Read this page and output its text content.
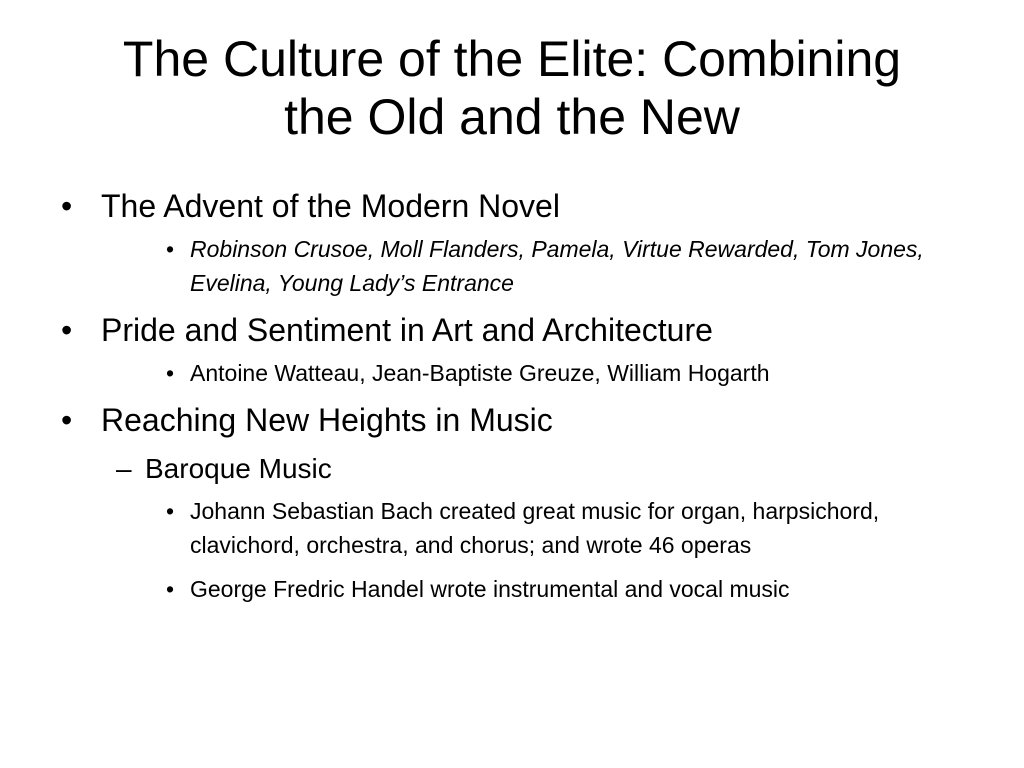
The Culture of the Elite: Combining
the Old and the New
• The Advent of the Modern Novel
• Robinson Crusoe, Moll Flanders, Pamela, Virtue Rewarded, Tom Jones, Evelina, Young Lady’s Entrance
• Pride and Sentiment in Art and Architecture
• Antoine Watteau, Jean-Baptiste Greuze, William Hogarth
• Reaching New Heights in Music
– Baroque Music
• Johann Sebastian Bach created great music for organ, harpsichord, clavichord, orchestra, and chorus; and wrote 46 operas
• George Fredric Handel wrote instrumental and vocal music
